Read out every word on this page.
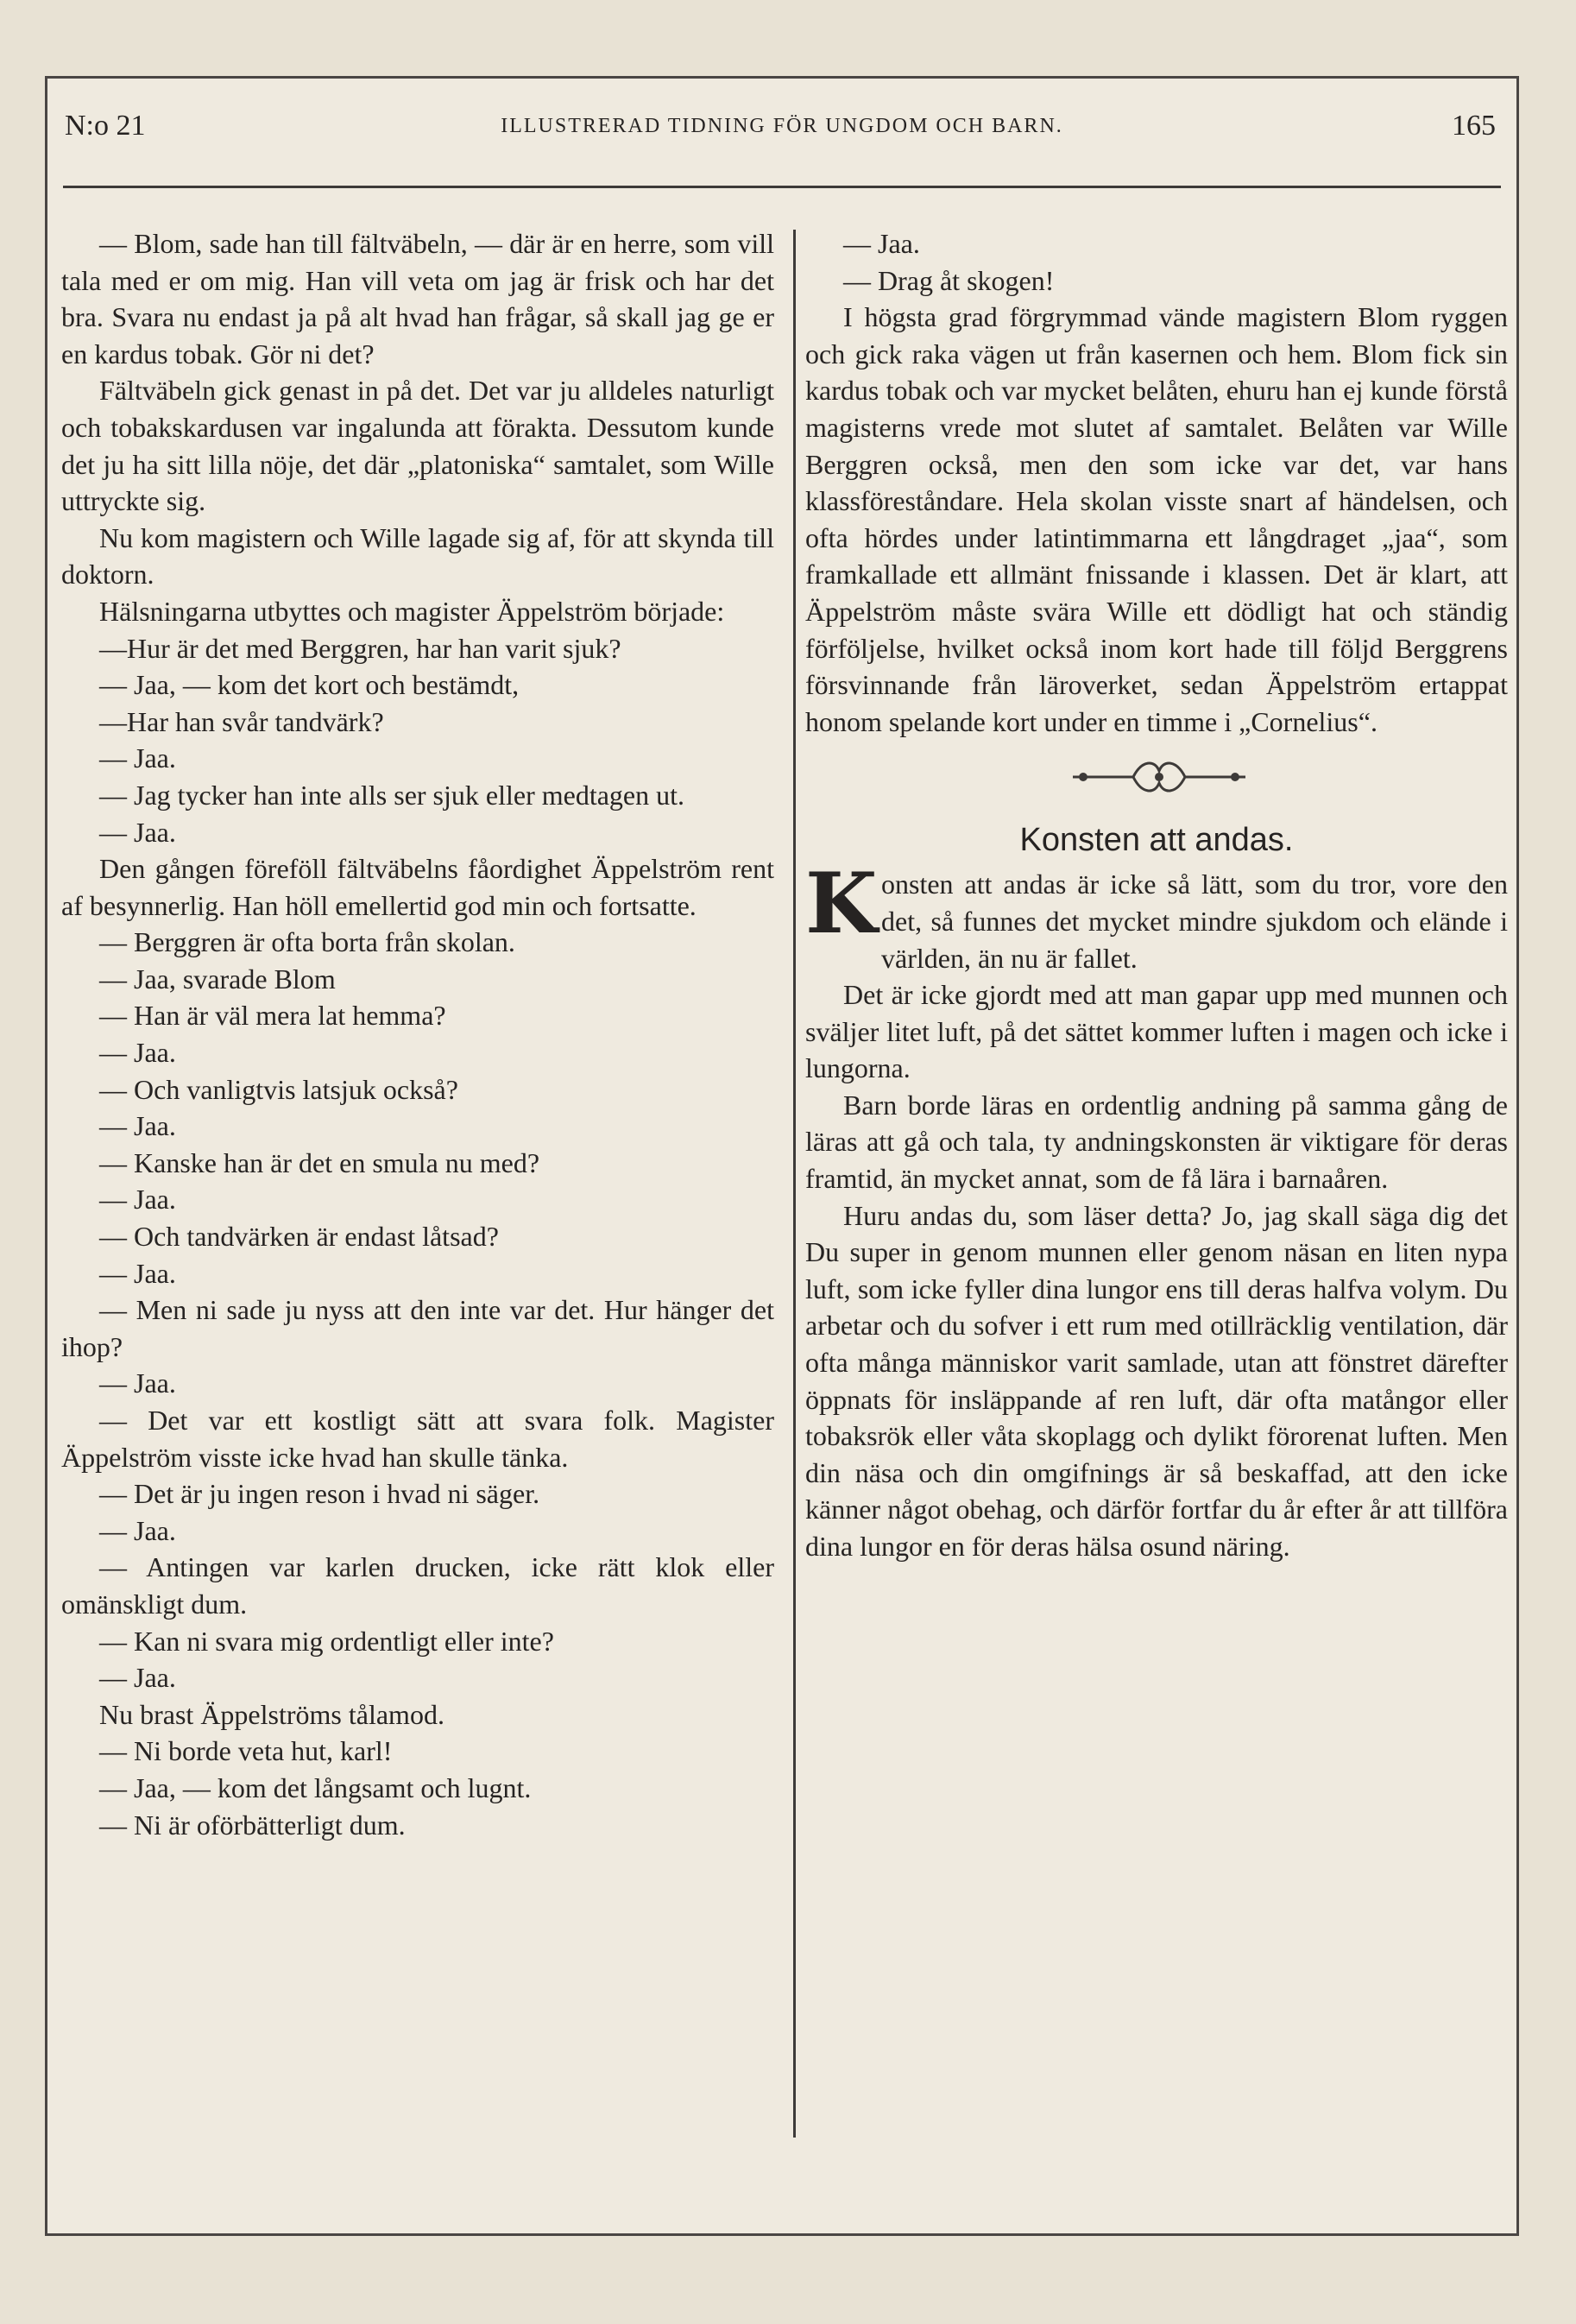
N:o 21	ILLUSTRERAD TIDNING FÖR UNGDOM OCH BARN.	165

— Blom, sade han till fältväbeln, — där är en herre, som vill tala med er om mig. Han vill veta om jag är frisk och har det bra. Svara nu endast ja på alt hvad han frågar, så skall jag ge er en kardus tobak. Gör ni det?

Fältväbeln gick genast in på det. Det var ju alldeles naturligt och tobakskardusen var ingalunda att förakta. Dessutom kunde det ju ha sitt lilla nöje, det där „platoniska“ samtalet, som Wille uttryckte sig.

Nu kom magistern och Wille lagade sig af, för att skynda till doktorn.

Hälsningarna utbyttes och magister Äppelström började:

—Hur är det med Berggren, har han varit sjuk?

— Jaa, — kom det kort och bestämdt,

—Har han svår tandvärk?

— Jaa.

— Jag tycker han inte alls ser sjuk eller medtagen ut.

— Jaa.

Den gången föreföll fältväbelns fåordighet Äppelström rent af besynnerlig. Han höll emellertid god min och fortsatte.

— Berggren är ofta borta från skolan.

— Jaa, svarade Blom

— Han är väl mera lat hemma?

— Jaa.

— Och vanligtvis latsjuk också?

— Jaa.

— Kanske han är det en smula nu med?

— Jaa.

— Och tandvärken är endast låtsad?

— Jaa.

— Men ni sade ju nyss att den inte var det. Hur hänger det ihop?

— Jaa.

— Det var ett kostligt sätt att svara folk. Magister Äppelström visste icke hvad han skulle tänka.

— Det är ju ingen reson i hvad ni säger.

— Jaa.

— Antingen var karlen drucken, icke rätt klok eller omänskligt dum.

— Kan ni svara mig ordentligt eller inte?

— Jaa.

Nu brast Äppelströms tålamod.

— Ni borde veta hut, karl!

— Jaa, — kom det långsamt och lugnt.

— Ni är oförbätterligt dum.

— Jaa.

— Drag åt skogen!

I högsta grad förgrymmad vände magistern Blom ryggen och gick raka vägen ut från kasernen och hem. Blom fick sin kardus tobak och var mycket belåten, ehuru han ej kunde förstå magisterns vrede mot slutet af samtalet. Belåten var Wille Berggren också, men den som icke var det, var hans klassföreståndare. Hela skolan visste snart af händelsen, och ofta hördes under latintimmarna ett långdraget „jaa“, som framkallade ett allmänt fnissande i klassen. Det är klart, att Äppelström måste svära Wille ett dödligt hat och ständig förföljelse, hvilket också inom kort hade till följd Berggrens försvinnande från läroverket, sedan Äppelström ertappat honom spelande kort under en timme i „Cornelius“.

Konsten att andas.

Konsten att andas är icke så lätt, som du tror, vore den det, så funnes det mycket mindre sjukdom och elände i världen, än nu är fallet.

Det är icke gjordt med att man gapar upp med munnen och sväljer litet luft, på det sättet kommer luften i magen och icke i lungorna.

Barn borde läras en ordentlig andning på samma gång de läras att gå och tala, ty andningskonsten är viktigare för deras framtid, än mycket annat, som de få lära i barnaåren.

Huru andas du, som läser detta? Jo, jag skall säga dig det Du super in genom munnen eller genom näsan en liten nypa luft, som icke fyller dina lungor ens till deras halfva volym. Du arbetar och du sofver i ett rum med otillräcklig ventilation, där ofta många människor varit samlade, utan att fönstret därefter öppnats för insläppande af ren luft, där ofta matångor eller tobaksrök eller våta skoplagg och dylikt förorenat luften. Men din näsa och din omgifnings är så beskaffad, att den icke känner något obehag, och därför fortfar du år efter år att tillföra dina lungor en för deras hälsa osund näring.
